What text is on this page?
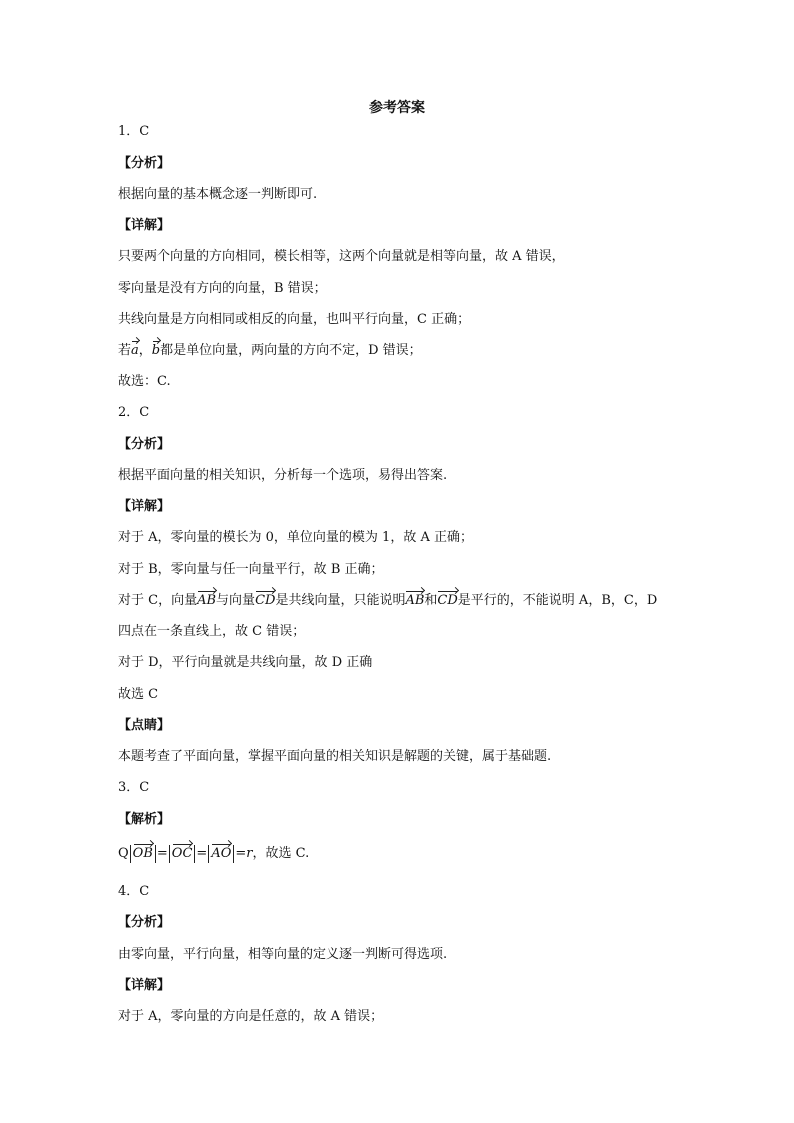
参考答案
1．C
【分析】
根据向量的基本概念逐一判断即可.
【详解】
只要两个向量的方向相同，模长相等，这两个向量就是相等向量，故 A 错误，
零向量是没有方向的向量，B 错误；
共线向量是方向相同或相反的向量，也叫平行向量，C 正确；
若a，b都是单位向量，两向量的方向不定，D 错误；
故选：C.
2．C
【分析】
根据平面向量的相关知识，分析每一个选项，易得出答案.
【详解】
对于 A，零向量的模长为 0，单位向量的模为 1，故 A 正确；
对于 B，零向量与任一向量平行，故 B 正确；
对于 C，向量AB与向量CD是共线向量，只能说明AB和CD是平行的，不能说明 A，B，C，D
四点在一条直线上，故 C 错误；
对于 D，平行向量就是共线向量，故 D 正确
故选 C
【点睛】
本题考查了平面向量，掌握平面向量的相关知识是解题的关键，属于基础题.
3．C
【解析】
Q OB = OC = AO =r，故选 C.
4．C
【分析】
由零向量，平行向量，相等向量的定义逐一判断可得选项.
【详解】
对于 A，零向量的方向是任意的，故 A 错误；
